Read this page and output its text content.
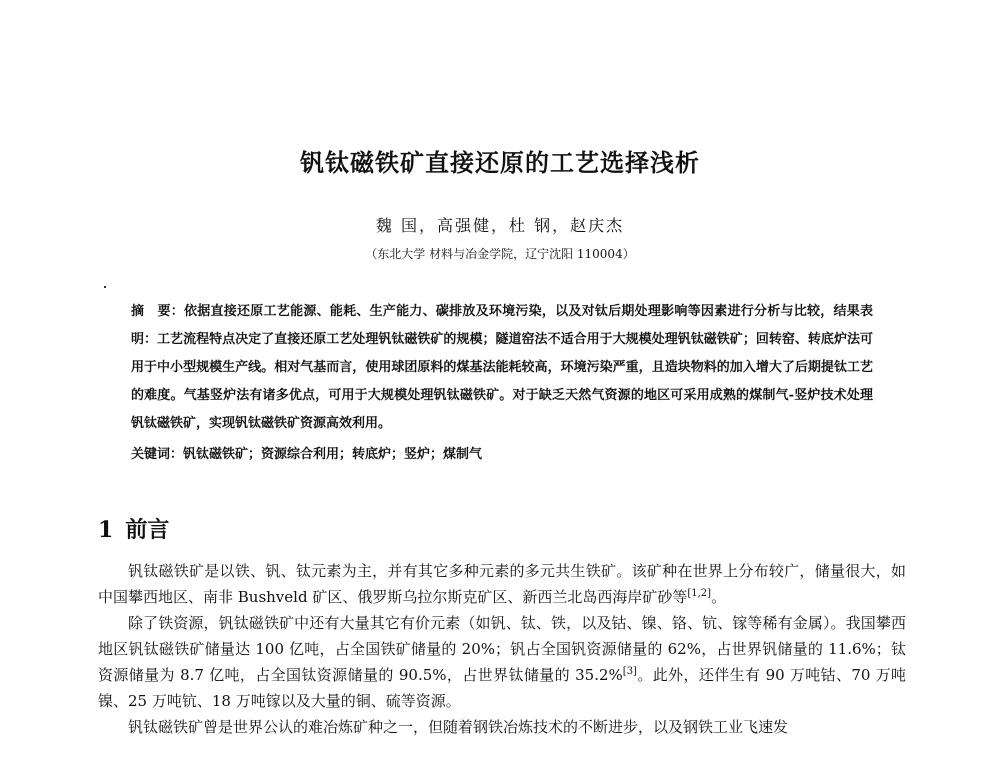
钒钛磁铁矿直接还原的工艺选择浅析
魏 国，高强健，杜 钢，赵庆杰
（东北大学 材料与冶金学院，辽宁沈阳 110004）
摘　要：依据直接还原工艺能源、能耗、生产能力、碳排放及环境污染，以及对钛后期处理影响等因素进行分析与比较，结果表明：工艺流程特点决定了直接还原工艺处理钒钛磁铁矿的规模；隧道窑法不适合用于大规模处理钒钛磁铁矿；回转窑、转底炉法可用于中小型规模生产线。相对气基而言，使用球团原料的煤基法能耗较高，环境污染严重，且造块物料的加入增大了后期提钛工艺的难度。气基竖炉法有诸多优点，可用于大规模处理钒钛磁铁矿。对于缺乏天然气资源的地区可采用成熟的煤制气-竖炉技术处理钒钛磁铁矿，实现钒钛磁铁矿资源高效利用。
关键词：钒钛磁铁矿；资源综合利用；转底炉；竖炉；煤制气
1 前言

钒钛磁铁矿是以铁、钒、钛元素为主，并有其它多种元素的多元共生铁矿。该矿种在世界上分布较广，储量很大，如中国攀西地区、南非 Bushveld 矿区、俄罗斯乌拉尔斯克矿区、新西兰北岛西海岸矿砂等[1,2]。

除了铁资源，钒钛磁铁矿中还有大量其它有价元素（如钒、钛、铁，以及钴、镍、铬、钪、镓等稀有金属）。我国攀西地区钒钛磁铁矿储量达 100 亿吨，占全国铁矿储量的 20%；钒占全国钒资源储量的 62%，占世界钒储量的 11.6%；钛资源储量为 8.7 亿吨，占全国钛资源储量的 90.5%，占世界钛储量的 35.2%[3]。此外，还伴生有 90 万吨钴、70 万吨镍、25 万吨钪、18 万吨镓以及大量的铜、硫等资源。

钒钛磁铁矿曾是世界公认的难冶炼矿种之一，但随着钢铁冶炼技术的不断进步，以及钢铁工业飞速发
